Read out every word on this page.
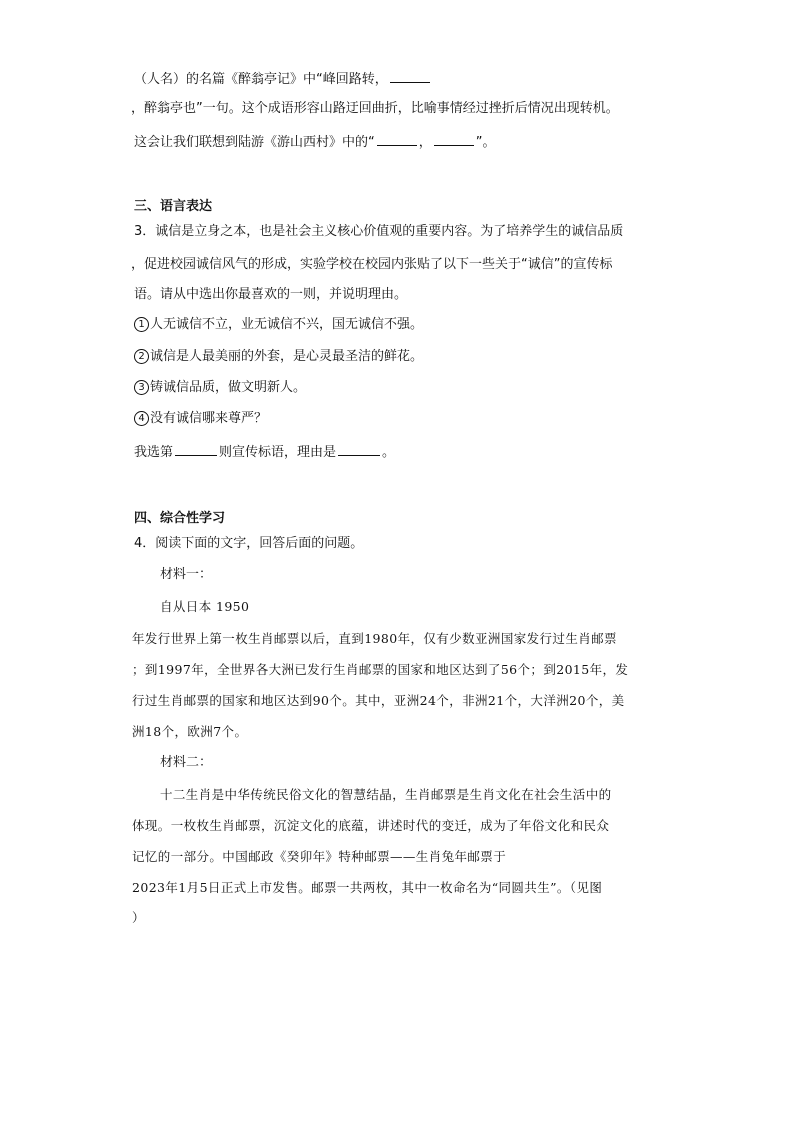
（人名）的名篇《醉翁亭记》中“峰回路转，
，醉翁亭也”一句。这个成语形容山路迂回曲折，比喻事情经过挫折后情况出现转机。
这会让我们联想到陆游《游山西村》中的“	，	”。
三、语言表达
3．诚信是立身之本，也是社会主义核心价值观的重要内容。为了培养学生的诚信品质
，促进校园诚信风气的形成，实验学校在校园内张贴了以下一些关于“诚信”的宣传标
语。请从中选出你最喜欢的一则，并说明理由。
1 人无诚信不立，业无诚信不兴，国无诚信不强。
2 诚信是人最美丽的外套，是心灵最圣洁的鲜花。
3 铸诚信品质，做文明新人。
4 没有诚信哪来尊严？
我选第	则宣传标语，理由是	。
四、综合性学习
4．阅读下面的文字，回答后面的问题。
材料一：
自从日本 1950
年发行世界上第一枚生肖邮票以后，直到1980年，仅有少数亚洲国家发行过生肖邮票
；到1997年，全世界各大洲已发行生肖邮票的国家和地区达到了56个；到2015年，发
行过生肖邮票的国家和地区达到90个。其中，亚洲24个，非洲21个，大洋洲20个，美
洲18个，欧洲7个。
材料二：
十二生肖是中华传统民俗文化的智慧结晶，生肖邮票是生肖文化在社会生活中的
体现。一枚枚生肖邮票，沉淀文化的底蕴，讲述时代的变迁，成为了年俗文化和民众
记忆的一部分。中国邮政《癸卯年》特种邮票——生肖兔年邮票于
2023年1月5日正式上市发售。邮票一共两枚，其中一枚命名为“同圆共生”。（见图
）
